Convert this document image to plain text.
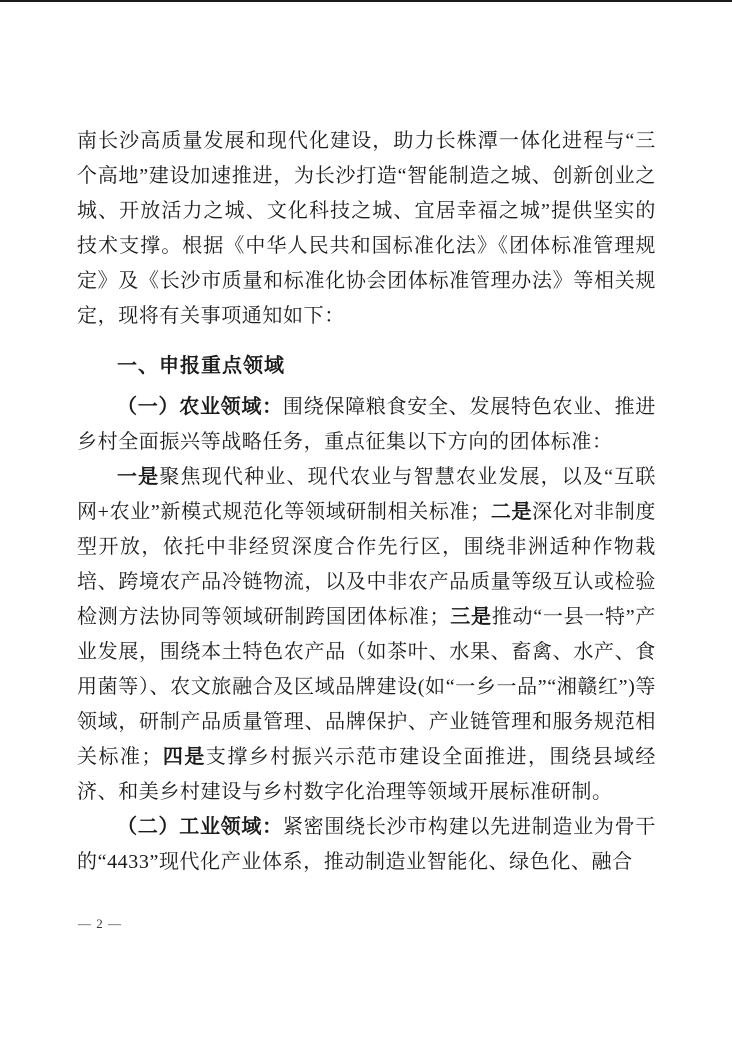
南长沙高质量发展和现代化建设，助力长株潭一体化进程与“三个高地”建设加速推进，为长沙打造“智能制造之城、创新创业之城、开放活力之城、文化科技之城、宜居幸福之城”提供坚实的技术支撑。根据《中华人民共和国标准化法》《团体标准管理规定》及《长沙市质量和标准化协会团体标准管理办法》等相关规定，现将有关事项通知如下：

一、申报重点领域

（一）农业领域：围绕保障粮食安全、发展特色农业、推进乡村全面振兴等战略任务，重点征集以下方向的团体标准：

一是聚焦现代种业、现代农业与智慧农业发展，以及“互联网+农业”新模式规范化等领域研制相关标准；二是深化对非制度型开放，依托中非经贸深度合作先行区，围绕非洲适种作物栽培、跨境农产品冷链物流，以及中非农产品质量等级互认或检验检测方法协同等领域研制跨国团体标准；三是推动“一县一特”产业发展，围绕本土特色农产品（如茶叶、水果、畜禽、水产、食用菌等）、农文旅融合及区域品牌建设(如“一乡一品”“湘赣红”)等领域，研制产品质量管理、品牌保护、产业链管理和服务规范相关标准；四是支撑乡村振兴示范市建设全面推进，围绕县域经济、和美乡村建设与乡村数字化治理等领域开展标准研制。

（二）工业领域：紧密围绕长沙市构建以先进制造业为骨干的“4433”现代化产业体系，推动制造业智能化、绿色化、融合

— 2 —
